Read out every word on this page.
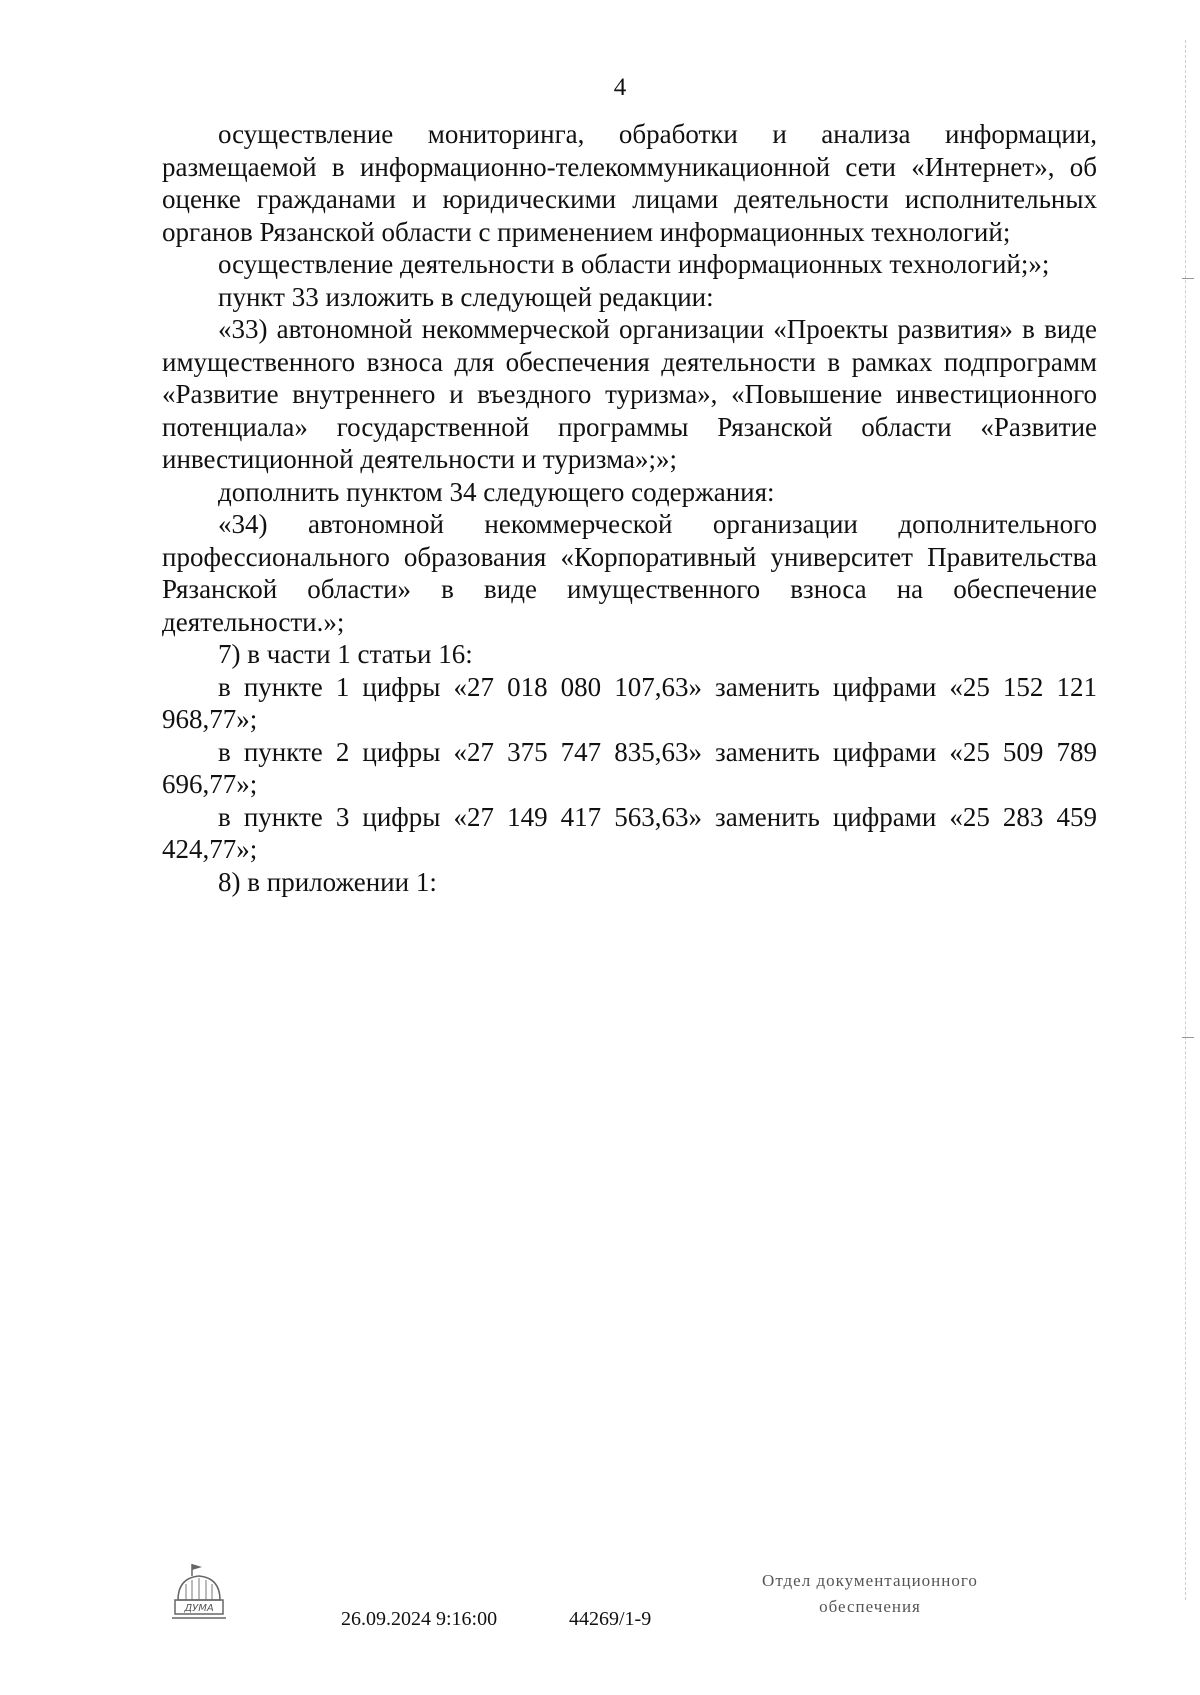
4

осуществление мониторинга, обработки и анализа информации, размещаемой в информационно-телекоммуникационной сети «Интернет», об оценке гражданами и юридическими лицами деятельности исполнительных органов Рязанской области с применением информационных технологий;

осуществление деятельности в области информационных технологий;»;

пункт 33 изложить в следующей редакции:

«33) автономной некоммерческой организации «Проекты развития» в виде имущественного взноса для обеспечения деятельности в рамках подпрограмм «Развитие внутреннего и въездного туризма», «Повышение инвестиционного потенциала» государственной программы Рязанской области «Развитие инвестиционной деятельности и туризма»;»;

дополнить пунктом 34 следующего содержания:

«34) автономной некоммерческой организации дополнительного профессионального образования «Корпоративный университет Правительства Рязанской области» в виде имущественного взноса на обеспечение деятельности.»;

7) в части 1 статьи 16:

в пункте 1 цифры «27 018 080 107,63» заменить цифрами «25 152 121 968,77»;

в пункте 2 цифры «27 375 747 835,63» заменить цифрами «25 509 789 696,77»;

в пункте 3 цифры «27 149 417 563,63» заменить цифрами «25 283 459 424,77»;

8) в приложении 1:

ДУМА	26.09.2024 9:16:00	44269/1-9
Отдел документационного
обеспечения
